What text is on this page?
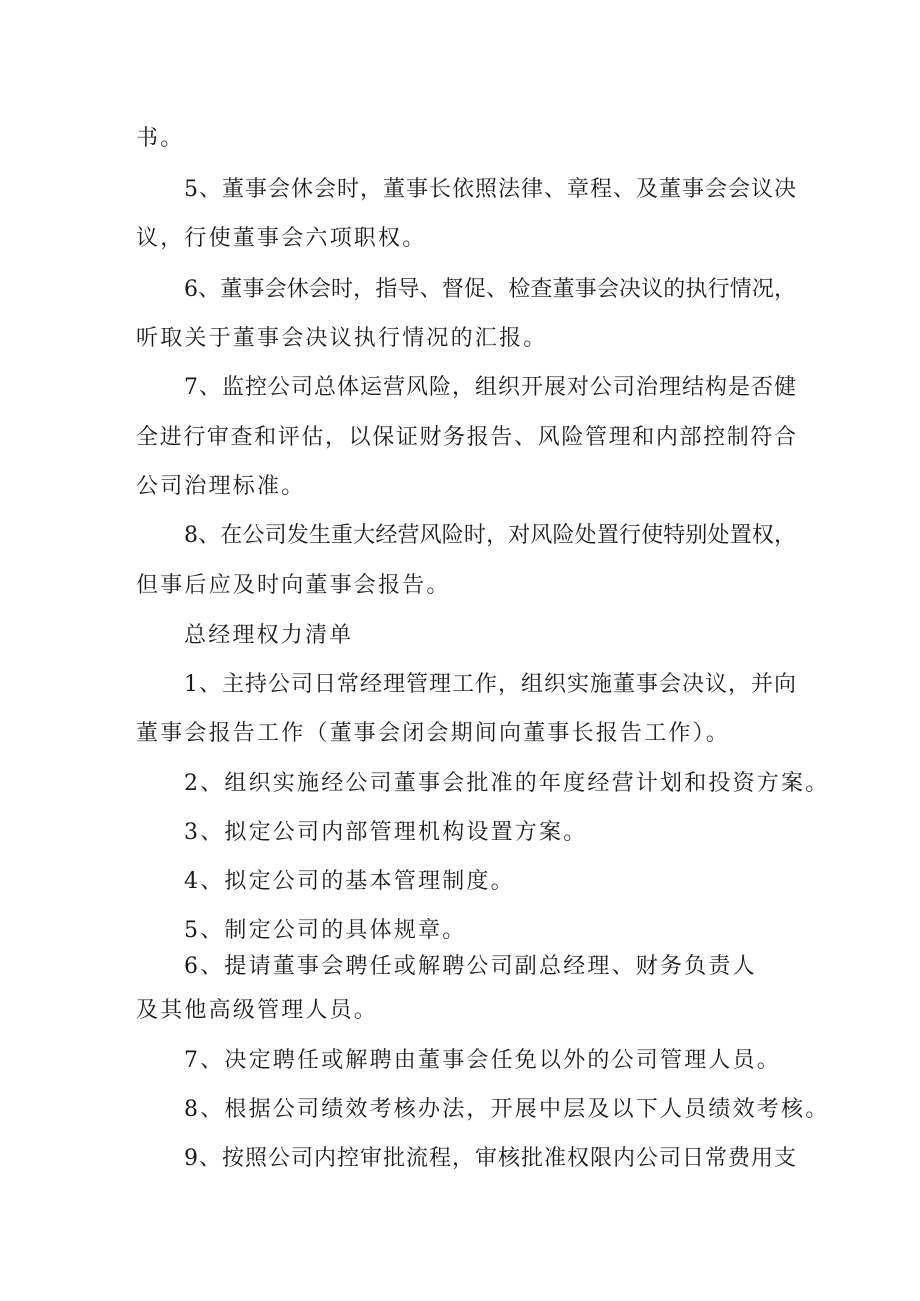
书。
5、董事会休会时，董事长依照法律、章程、及董事会会议决
议，行使董事会六项职权。
6、董事会休会时，指导、督促、检查董事会决议的执行情况，
听取关于董事会决议执行情况的汇报。
7、监控公司总体运营风险，组织开展对公司治理结构是否健
全进行审查和评估，以保证财务报告、风险管理和内部控制符合
公司治理标准。
8、在公司发生重大经营风险时，对风险处置行使特别处置权，
但事后应及时向董事会报告。
总经理权力清单
1、主持公司日常经理管理工作，组织实施董事会决议，并向
董事会报告工作（董事会闭会期间向董事长报告工作）。
2、组织实施经公司董事会批准的年度经营计划和投资方案。
3、拟定公司内部管理机构设置方案。
4、拟定公司的基本管理制度。
5、制定公司的具体规章。
6、提请董事会聘任或解聘公司副总经理、财务负责人
及其他高级管理人员。
7、决定聘任或解聘由董事会任免以外的公司管理人员。
8、根据公司绩效考核办法，开展中层及以下人员绩效考核。
9、按照公司内控审批流程，审核批准权限内公司日常费用支
